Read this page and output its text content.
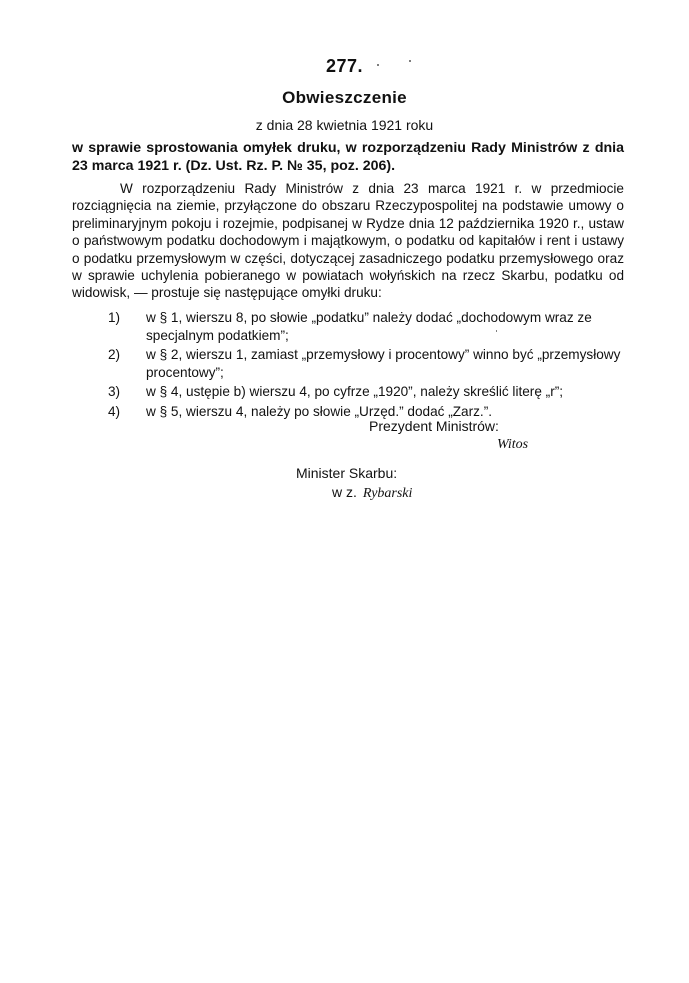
277.
Obwieszczenie
z dnia 28 kwietnia 1921 roku
w sprawie sprostowania omyłek druku, w rozporządzeniu Rady Ministrów z dnia 23 marca 1921 r. (Dz. Ust. Rz. P. № 35, poz. 206).
W rozporządzeniu Rady Ministrów z dnia 23 marca 1921 r. w przedmiocie rozciągnięcia na ziemie, przyłączone do obszaru Rzeczypospolitej na podstawie umowy o preliminaryjnym pokoju i rozejmie, podpisanej w Rydze dnia 12 października 1920 r., ustaw o państwowym podatku dochodowym i majątkowym, o podatku od kapitałów i rent i ustawy o podatku przemysłowym w części, dotyczącej zasadniczego podatku przemysłowego oraz w sprawie uchylenia pobieranego w powiatach wołyńskich na rzecz Skarbu, podatku od widowisk, — prostuje się następujące omyłki druku:
1)	w § 1, wierszu 8, po słowie „podatku” należy dodać „dochodowym wraz ze specjalnym podatkiem”;
2)	w § 2, wierszu 1, zamiast „przemysłowy i procentowy” winno być „przemysłowy procentowy”;
3)	w § 4, ustępie b) wierszu 4, po cyfrze „1920”, należy skreślić literę „r”;
4)	w § 5, wierszu 4, należy po słowie „Urzęd.” dodać „Zarz.”.
Prezydent Ministrów:
Witos
Minister Skarbu:
w z. Rybarski
